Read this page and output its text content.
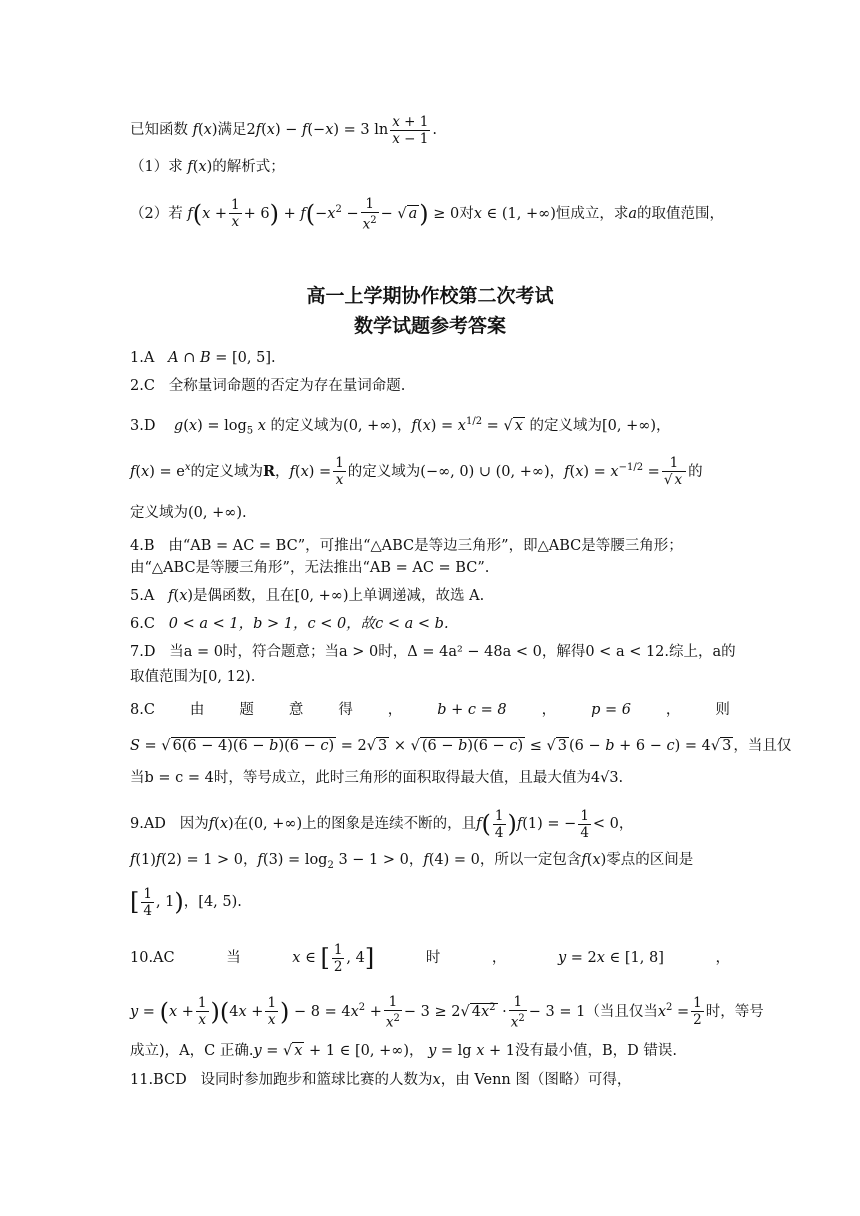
已知函数 f(x)满足2f(x) − f(−x) = 3 $\ln \frac{x + 1}{x - 1}$ .
（1）求 f(x)的解析式；
（2）若 $f(x + \frac{1}{x} + 6) + f(-x^2 - \frac{1}{x^2}$ − √ a) ≥ 0对x ∈ (1, +∞)恒成立，求a的取值范围，
高一上学期协作校第二次考试
数学试题参考答案
1.A A ∩ B = [0, 5].
2.C 全称量词命题的否定为存在量词命题.
3.D $g(x) = \log_5 x$ 的定义域为(0, +∞)，$f(x) = x^{1/2}$ = √ x 的定义域为[0, +∞)，
$f(x) = e^x$的定义域为R，$f(x) = \frac{1}{x}$ 的定义域为(−∞, 0) ∪ (0, +∞)，$f(x) = x^{-1/2} = \frac{1}{√ x}$ 的
定义域为(0, +∞).
4.B 由“AB = AC = BC”，可推出“△ABC是等边三角形”，即△ABC是等腰三角形；
由“△ABC是等腰三角形”，无法推出“AB = AC = BC”.
5.A f(x)是偶函数，且在[0, +∞)上单调递减，故选 A.
6.C 0 < a < 1，b > 1，c < 0，故c < a < b.
7.D 当a = 0时，符合题意；当a > 0时，Δ = 4a² − 48a < 0，解得0 < a < 12.综上，a的
取值范围为[0, 12).
8.C 由 题 意 得 ， b + c = 8 ， p = 6 ， 则
S = √ 6(6 − 4)(6 − b)(6 − c) = 2√ 3 × √ (6 − b)(6 − c) ≤ √ 3 (6 − b + 6 − c) = 4√ 3 ，当且仅
当b = c = 4时，等号成立，此时三角形的面积取得最大值，且最大值为4√3.
9.AD 因为f(x)在(0, +∞)上的图象是连续不断的，且$f( \frac{1}{4} )f(1)$ = − $\frac{1}{4} < 0$，
f(1)f(2) = 1 > 0，$f(3) = \log_2 3 - 1 > 0$，f(4) = 0，所以一定包含f(x)零点的区间是
[ $\frac{1}{4}$ , 1)，[4, 5).
10.AC	当	x ∈ [ $\frac{1}{2}$ , 4]	时	，	y = 2x ∈ [1, 8]	，
$y = (x + \frac{1}{x} )(4x + \frac{1}{x}$ ) − $8 = 4x^2 + \frac{1}{x^2} - 3 \ge 2√$ $4x^2 \cdot \frac{1}{x^2} - 3 = 1$（当且仅当$x^2 = \frac{1}{2}$ 时，等号
成立)，A，C 正确.y = √ x + 1 ∈ [0, +∞)， y = lg x + 1没有最小值，B，D 错误.
11.BCD 设同时参加跑步和篮球比赛的人数为x，由 Venn 图（图略）可得，
